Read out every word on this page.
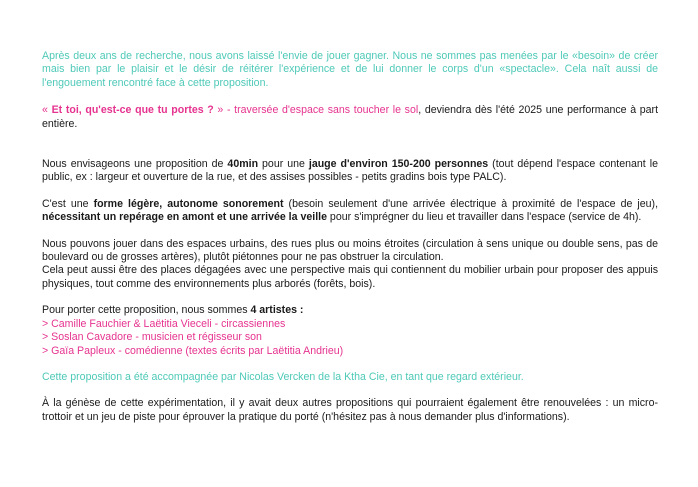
Après deux ans de recherche, nous avons laissé l'envie de jouer gagner. Nous ne sommes pas menées par le «besoin» de créer mais bien par le plaisir et le désir de réitérer l'expérience et de lui donner le corps d'un «spectacle». Cela naît aussi de l'engouement rencontré face à cette proposition.

« Et toi, qu'est-ce que tu portes ? » - traversée d'espace sans toucher le sol, deviendra dès l'été 2025 une performance à part entière.

Nous envisageons une proposition de 40min pour une jauge d'environ 150-200 personnes (tout dépend l'espace contenant le public, ex : largeur et ouverture de la rue, et des assises possibles - petits gradins bois type PALC).

C'est une forme légère, autonome sonorement (besoin seulement d'une arrivée électrique à proximité de l'espace de jeu), nécessitant un repérage en amont et une arrivée la veille pour s'imprégner du lieu et travailler dans l'espace (service de 4h).

Nous pouvons jouer dans des espaces urbains, des rues plus ou moins étroites (circulation à sens unique ou double sens, pas de boulevard ou de grosses artères), plutôt piétonnes pour ne pas obstruer la circulation.

Cela peut aussi être des places dégagées avec une perspective mais qui contiennent du mobilier urbain pour proposer des appuis physiques, tout comme des environnements plus arborés (forêts, bois).

Pour porter cette proposition, nous sommes 4 artistes :
> Camille Fauchier & Laëtitia Vieceli - circassiennes
> Soslan Cavadore - musicien et régisseur son
> Gaïa Papleux - comédienne (textes écrits par Laëtitia Andrieu)

Cette proposition a été accompagnée par Nicolas Vercken de la Ktha Cie, en tant que regard extérieur.

À la génèse de cette expérimentation, il y avait deux autres propositions qui pourraient également être renouvelées : un micro-trottoir et un jeu de piste pour éprouver la pratique du porté (n'hésitez pas à nous demander plus d'informations).
